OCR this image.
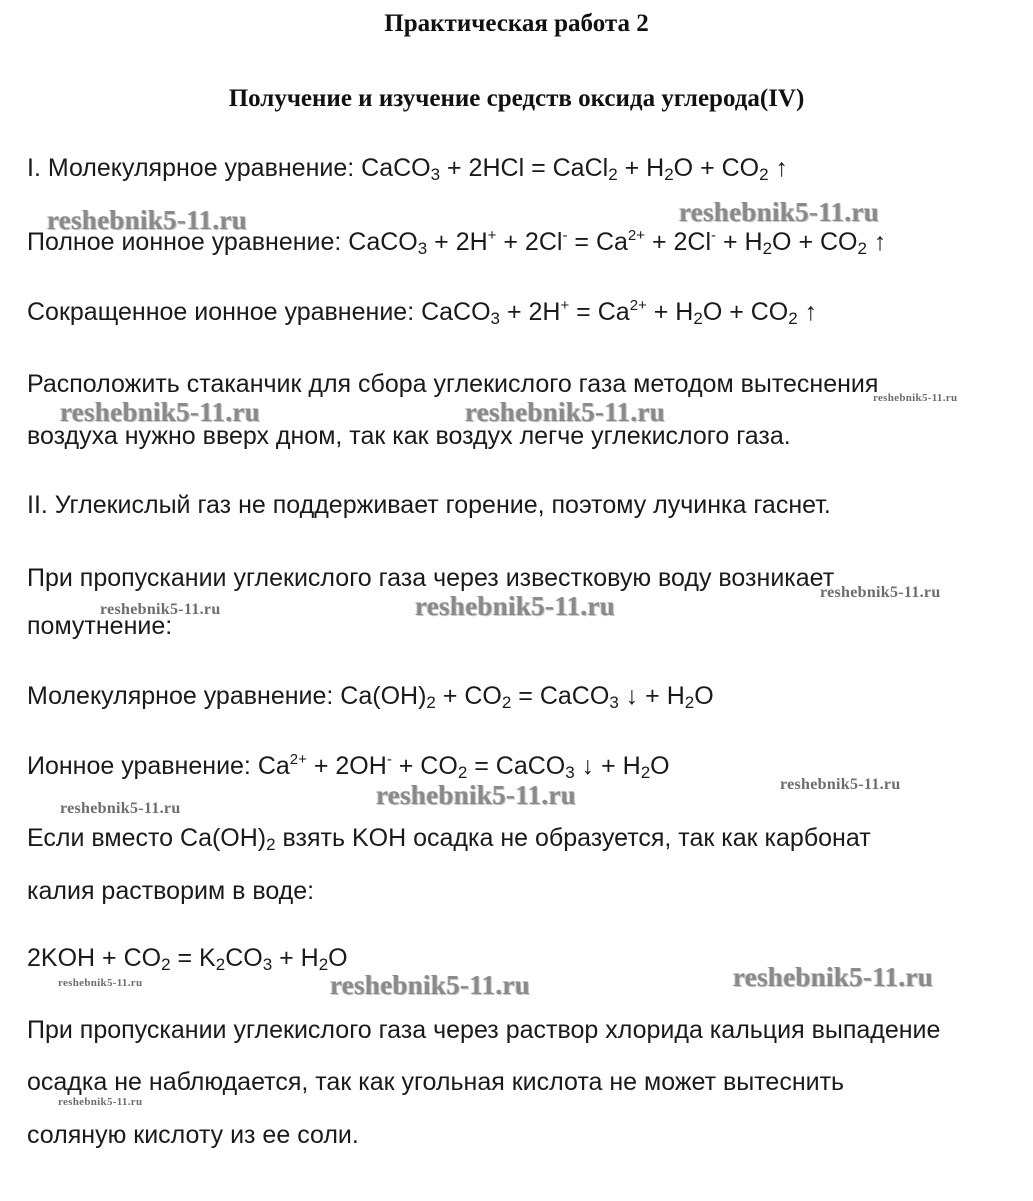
Практическая работа 2
Получение и изучение средств оксида углерода(IV)
I. Молекулярное уравнение: CaCO$_3$ + 2HCl = CaCl$_2$ + $H_2O + CO_2$ ↑
Полное ионное уравнение: CaCO$_3$ + $2H^+ + 2Cl^- = Ca^{2+} + 2Cl^- + H_2O + CO_2$ ↑
Сокращенное ионное уравнение: CaCO$_3$ + $2H^+ = Ca^{2+} + H_2O + CO_2$ ↑
Расположить стаканчик для сбора углекислого газа методом вытеснения
воздуха нужно вверх дном, так как воздух легче углекислого газа.
II. Углекислый газ не поддерживает горение, поэтому лучинка гаснет.
При пропускании углекислого газа через известковую воду возникает
помутнение:
Молекулярное уравнение: $Ca(OH)_2 + CO_2$ = CaCO$_3$ ↓ + $H_2O$
Ионное уравнение: $Ca^{2+} + 2OH^- + CO_2$ = CaCO$_3$ ↓ + $H_2O$
Если вместо $Ca(OH)_2$ взять KOH осадка не образуется, так как карбонат
калия растворим в воде:
$2KOH + CO_2 = K_2CO_3 + H_2O$
При пропускании углекислого газа через раствор хлорида кальция выпадение
осадка не наблюдается, так как угольная кислота не может вытеснить
соляную кислоту из ее соли.
reshebnik5-11.ru	reshebnik5-11.ru
reshebnik5-11.ru	reshebnik5-11.ru	reshebnik5-11.ru
reshebnik5-11.ru	reshebnik5-11.ru	reshebnik5-11.ru
reshebnik5-11.ru	reshebnik5-11.ru	reshebnik5-11.ru
reshebnik5-11.ru	reshebnik5-11.ru	reshebnik5-11.ru
reshebnik5-11.ru
